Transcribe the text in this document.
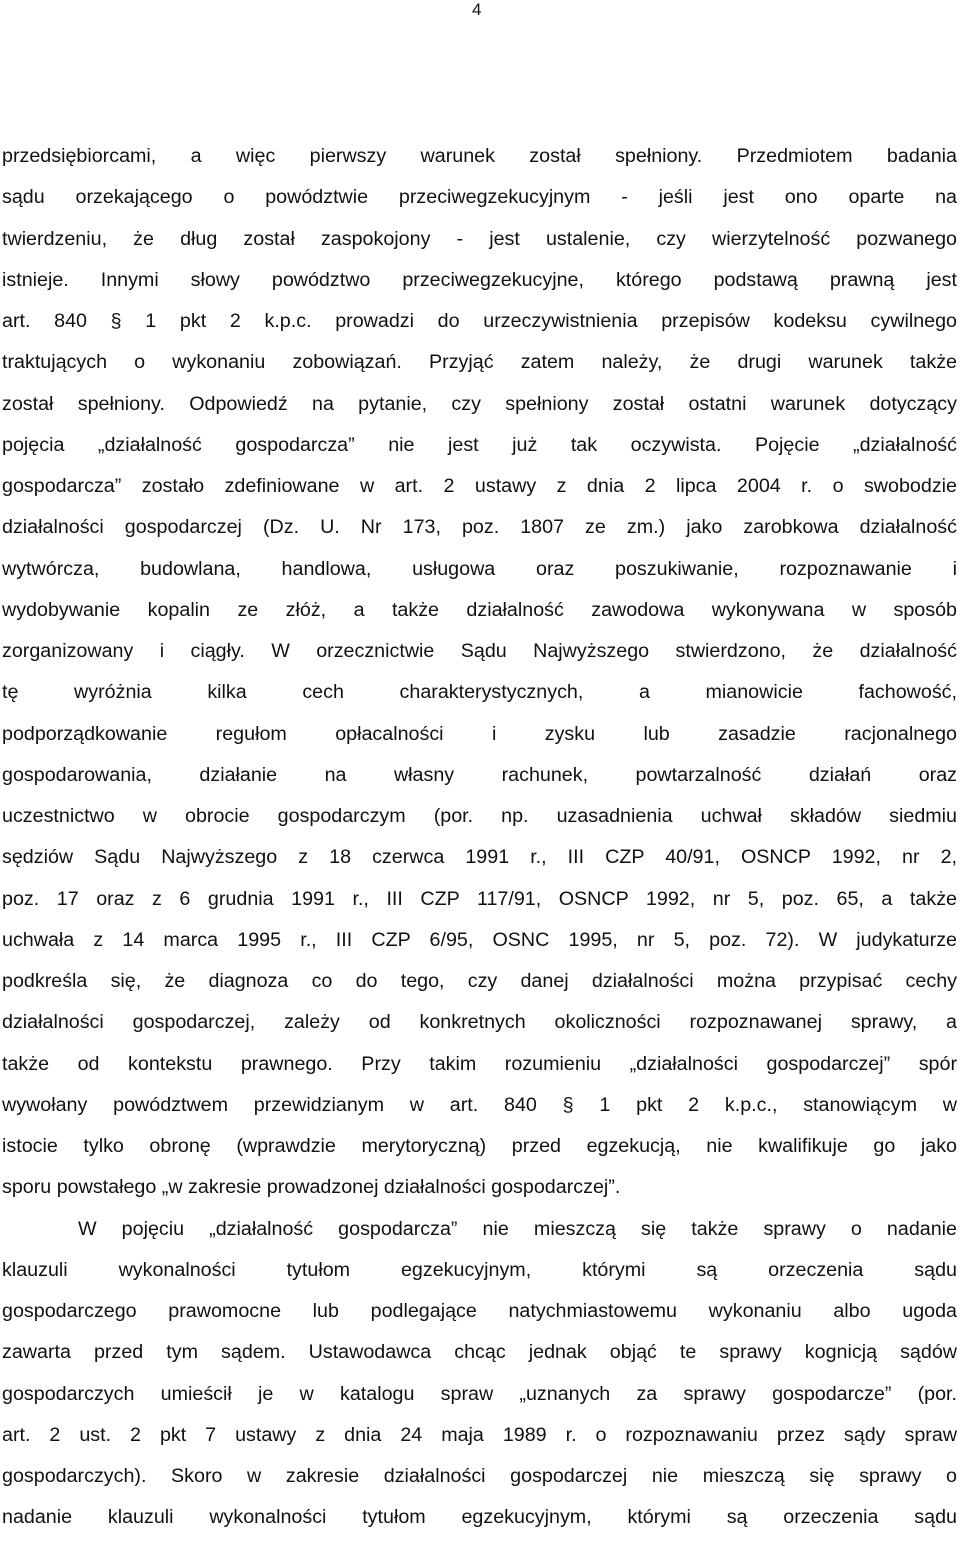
4
przedsiębiorcami, a więc pierwszy warunek został spełniony. Przedmiotem badania
sądu orzekającego o powództwie przeciwegzekucyjnym - jeśli jest ono oparte na
twierdzeniu, że dług został zaspokojony - jest ustalenie, czy wierzytelność pozwanego
istnieje. Innymi słowy powództwo przeciwegzekucyjne, którego podstawą prawną jest
art. 840 § 1 pkt 2 k.p.c. prowadzi do urzeczywistnienia przepisów kodeksu cywilnego
traktujących o wykonaniu zobowiązań. Przyjąć zatem należy, że drugi warunek także
został spełniony. Odpowiedź na pytanie, czy spełniony został ostatni warunek dotyczący
pojęcia „działalność gospodarcza” nie jest już tak oczywista. Pojęcie „działalność
gospodarcza” zostało zdefiniowane w art. 2 ustawy z dnia 2 lipca 2004 r. o swobodzie
działalności gospodarczej (Dz. U. Nr 173, poz. 1807 ze zm.) jako zarobkowa działalność
wytwórcza, budowlana, handlowa, usługowa oraz poszukiwanie, rozpoznawanie i
wydobywanie kopalin ze złóż, a także działalność zawodowa wykonywana w sposób
zorganizowany i ciągły. W orzecznictwie Sądu Najwyższego stwierdzono, że działalność
tę wyróżnia kilka cech charakterystycznych, a mianowicie fachowość,
podporządkowanie regułom opłacalności i zysku lub zasadzie racjonalnego
gospodarowania, działanie na własny rachunek, powtarzalność działań oraz
uczestnictwo w obrocie gospodarczym (por. np. uzasadnienia uchwał składów siedmiu
sędziów Sądu Najwyższego z 18 czerwca 1991 r., III CZP 40/91, OSNCP 1992, nr 2,
poz. 17 oraz z 6 grudnia 1991 r., III CZP 117/91, OSNCP 1992, nr 5, poz. 65, a także
uchwała z 14 marca 1995 r., III CZP 6/95, OSNC 1995, nr 5, poz. 72). W judykaturze
podkreśla się, że diagnoza co do tego, czy danej działalności można przypisać cechy
działalności gospodarczej, zależy od konkretnych okoliczności rozpoznawanej sprawy, a
także od kontekstu prawnego. Przy takim rozumieniu „działalności gospodarczej” spór
wywołany powództwem przewidzianym w art. 840 § 1 pkt 2 k.p.c., stanowiącym w
istocie tylko obronę (wprawdzie merytoryczną) przed egzekucją, nie kwalifikuje go jako
sporu powstałego „w zakresie prowadzonej działalności gospodarczej”.
W pojęciu „działalność gospodarcza” nie mieszczą się także sprawy o nadanie
klauzuli wykonalności tytułom egzekucyjnym, którymi są orzeczenia sądu
gospodarczego prawomocne lub podlegające natychmiastowemu wykonaniu albo ugoda
zawarta przed tym sądem. Ustawodawca chcąc jednak objąć te sprawy kognicją sądów
gospodarczych umieścił je w katalogu spraw „uznanych za sprawy gospodarcze” (por.
art. 2 ust. 2 pkt 7 ustawy z dnia 24 maja 1989 r. o rozpoznawaniu przez sądy spraw
gospodarczych). Skoro w zakresie działalności gospodarczej nie mieszczą się sprawy o
nadanie klauzuli wykonalności tytułom egzekucyjnym, którymi są orzeczenia sądu
